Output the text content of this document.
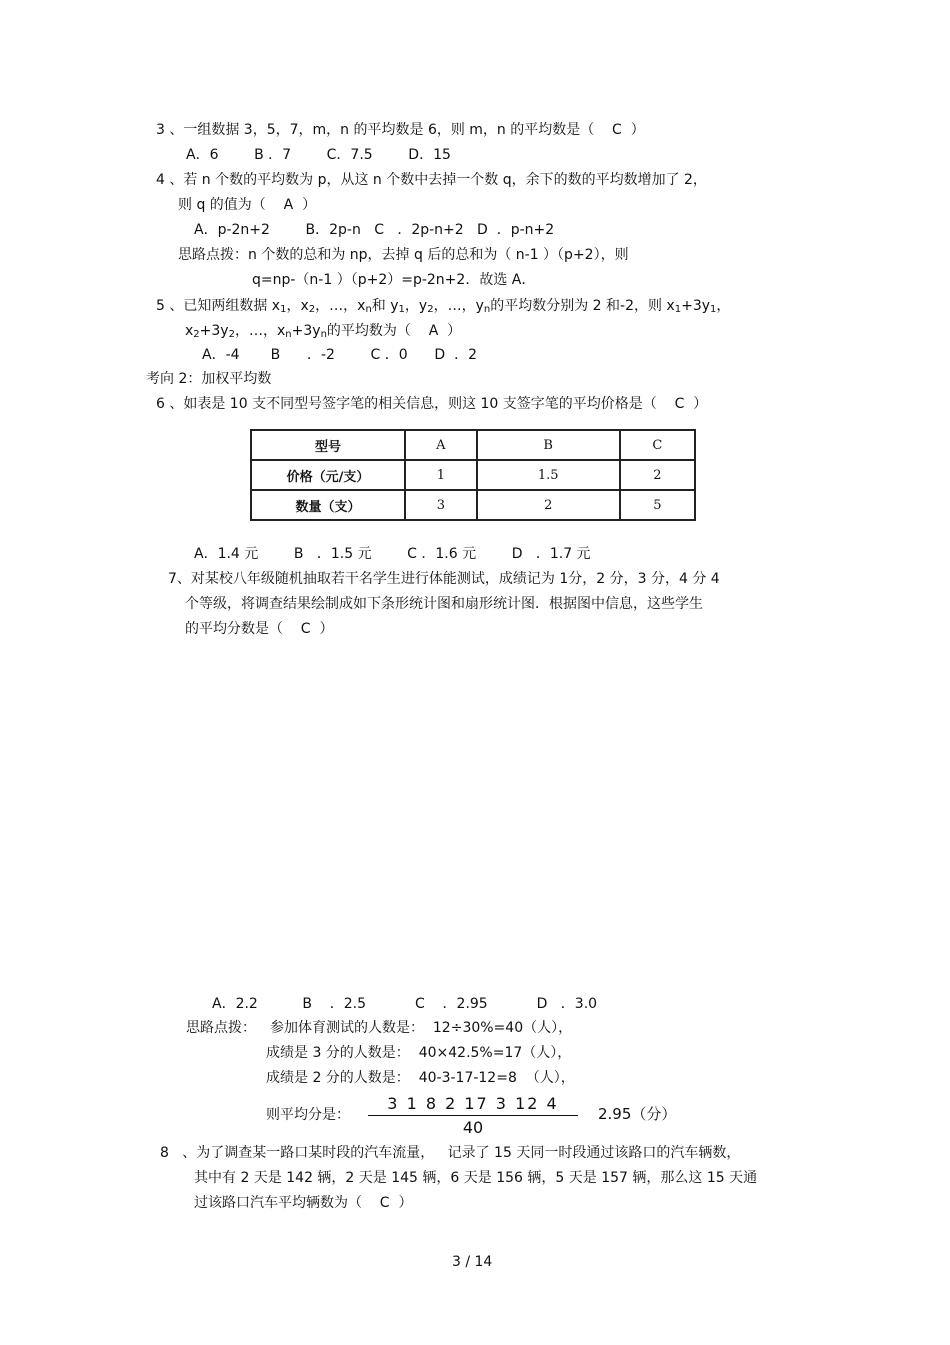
3 、一组数据 3，5，7，m，n 的平均数是 6，则 m，n 的平均数是（    C  ）
A．6        B ．7        C．7.5        D．15
4 、若 n 个数的平均数为 p，从这 n 个数中去掉一个数 q，余下的数的平均数增加了 2，
则 q 的值为（    A  ）
A．p-2n+2        B．2p-n   C   ．2p-n+2   D  ．p-n+2
思路点拨：n 个数的总和为 np，去掉 q 后的总和为（ n-1 ）（p+2），则
q=np-（n-1 ）（p+2）=p-2n+2．故选 A．
5 、已知两组数据 $x_1$，$x_2$，…，$x_n$和 $y_1$，$y_2$，…，$y_n$的平均数分别为 2 和-2，则 $x_1+3y_1$，
$x_2+3y_2$，…，$x_n+3y_n$的平均数为（    A  ）
A．-4       B      ．-2        C ．0      D  ．2
考向 2：加权平均数
6 、如表是 10 支不同型号签字笔的相关信息，则这 10 支签字笔的平均价格是（    C  ）
型号	A	B	C
价格（元/支）	1	1.5	2
数量（支）	3	2	5
A．1.4 元        B   ．1.5 元        C ．1.6 元        D   ．1.7 元
7、对某校八年级随机抽取若干名学生进行体能测试，成绩记为 1分，2 分，3 分，4 分 4
个等级，将调查结果绘制成如下条形统计图和扇形统计图．根据图中信息，这些学生
的平均分数是（    C  ）
A．2.2          B    ．2.5           C    ．2.95           D   ．3.0
思路点拨： 参加体育测试的人数是：  12÷30%=40（人），
成绩是 3 分的人数是：  40×42.5%=17（人），
成绩是 2 分的人数是：  40-3-17-12=8  （人），
则平均分是： $\frac{3 1 8 2 17 3 12 4}{40} 2.95$（分）
8   、为了调查某一路口某时段的汽车流量，   记录了 15 天同一时段通过该路口的汽车辆数，
其中有 2 天是 142 辆，2 天是 145 辆，6 天是 156 辆，5 天是 157 辆，那么这 15 天通
过该路口汽车平均辆数为（    C  ）
3 / 14
